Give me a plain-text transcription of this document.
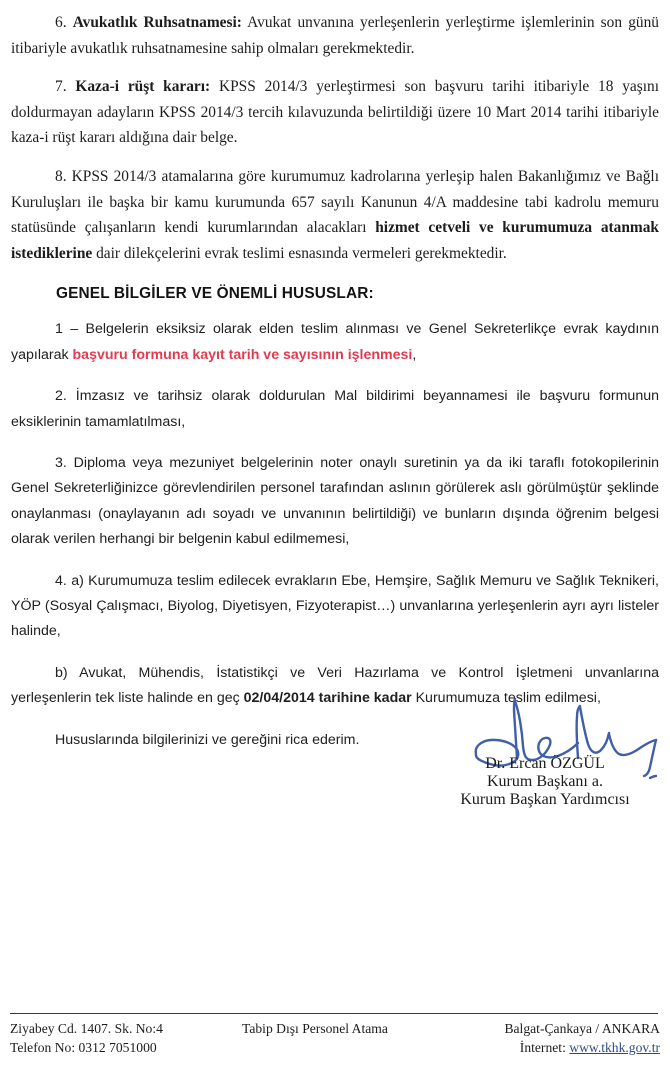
6. Avukatlık Ruhsatnamesi: Avukat unvanına yerleşenlerin yerleştirme işlemlerinin son günü itibariyle avukatlık ruhsatnamesine sahip olmaları gerekmektedir.

7. Kaza-i rüşt kararı: KPSS 2014/3 yerleştirmesi son başvuru tarihi itibariyle 18 yaşını doldurmayan adayların KPSS 2014/3 tercih kılavuzunda belirtildiği üzere 10 Mart 2014 tarihi itibariyle kaza-i rüşt kararı aldığına dair belge.

8. KPSS 2014/3 atamalarına göre kurumumuz kadrolarına yerleşip halen Bakanlığımız ve Bağlı Kuruluşları ile başka bir kamu kurumunda 657 sayılı Kanunun 4/A maddesine tabi kadrolu memuru statüsünde çalışanların kendi kurumlarından alacakları hizmet cetveli ve kurumumuza atanmak istediklerine dair dilekçelerini evrak teslimi esnasında vermeleri gerekmektedir.

GENEL BİLGİLER VE ÖNEMLİ HUSUSLAR:

1 – Belgelerin eksiksiz olarak elden teslim alınması ve Genel Sekreterlikçe evrak kaydının yapılarak başvuru formuna kayıt tarih ve sayısının işlenmesi,

2. İmzasız ve tarihsiz olarak doldurulan Mal bildirimi beyannamesi ile başvuru formunun eksiklerinin tamamlatılması,

3. Diploma veya mezuniyet belgelerinin noter onaylı suretinin ya da iki taraflı fotokopilerinin Genel Sekreterliğinizce görevlendirilen personel tarafından aslının görülerek aslı görülmüştür şeklinde onaylanması (onaylayanın adı soyadı ve unvanının belirtildiği) ve bunların dışında öğrenim belgesi olarak verilen herhangi bir belgenin kabul edilmemesi,

4. a) Kurumumuza teslim edilecek evrakların Ebe, Hemşire, Sağlık Memuru ve Sağlık Teknikeri, YÖP (Sosyal Çalışmacı, Biyolog, Diyetisyen, Fizyoterapist…) unvanlarına yerleşenlerin ayrı ayrı listeler halinde,

b) Avukat, Mühendis, İstatistikçi ve Veri Hazırlama ve Kontrol İşletmeni unvanlarına yerleşenlerin tek liste halinde en geç 02/04/2014 tarihine kadar Kurumumuza teslim edilmesi,

Hususlarında bilgilerinizi ve gereğini rica ederim.

Dr. Ercan ÖZGÜL
Kurum Başkanı a.
Kurum Başkan Yardımcısı
Ziyabey Cd. 1407. Sk. No:4
Telefon No: 0312 7051000
Tabip Dışı Personel Atama	Balgat-Çankaya / ANKARA
İnternet: www.tkhk.gov.tr
